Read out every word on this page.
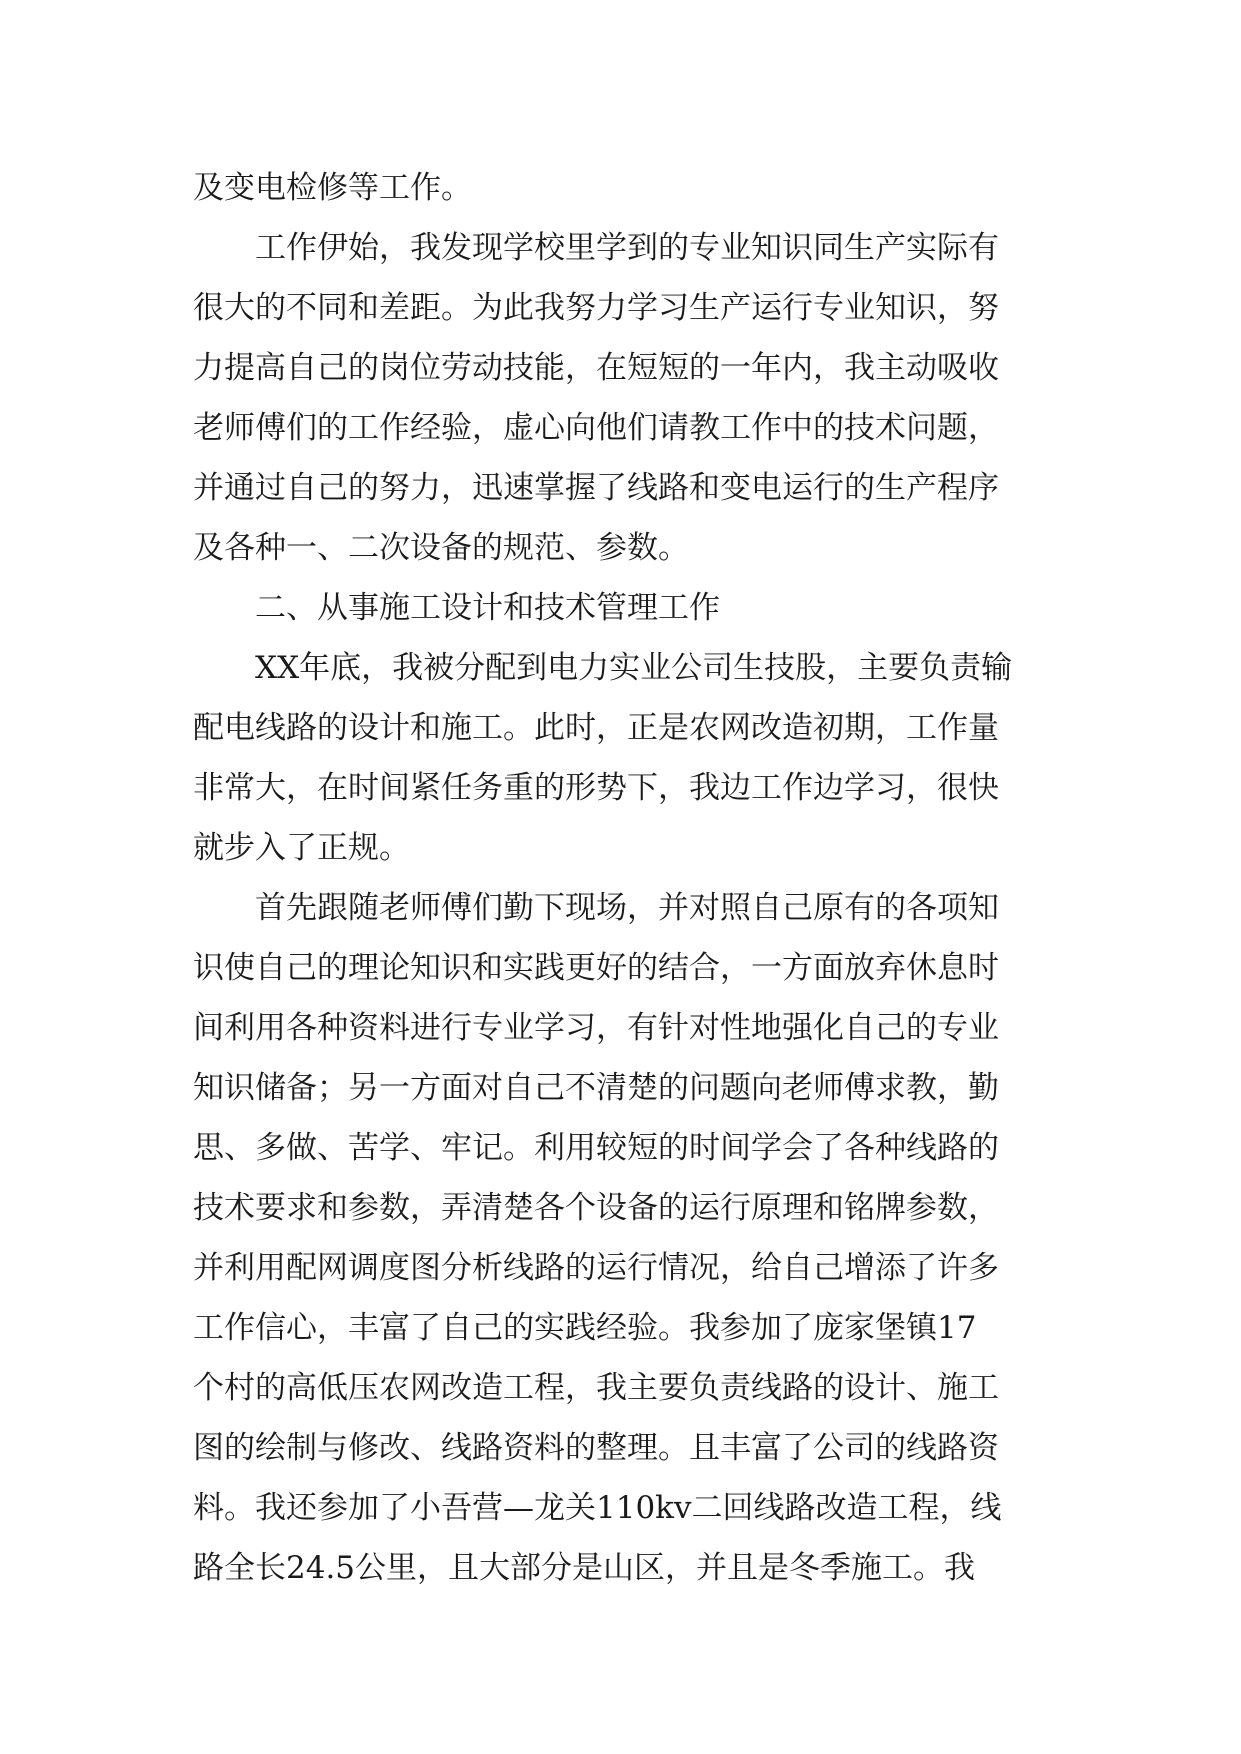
及变电检修等工作。
工作伊始，我发现学校里学到的专业知识同生产实际有
很大的不同和差距。为此我努力学习生产运行专业知识，努
力提高自己的岗位劳动技能，在短短的一年内，我主动吸收
老师傅们的工作经验，虚心向他们请教工作中的技术问题，
并通过自己的努力，迅速掌握了线路和变电运行的生产程序
及各种一、二次设备的规范、参数。
二、从事施工设计和技术管理工作
XX年底，我被分配到电力实业公司生技股，主要负责输
配电线路的设计和施工。此时，正是农网改造初期，工作量
非常大，在时间紧任务重的形势下，我边工作边学习，很快
就步入了正规。
首先跟随老师傅们勤下现场，并对照自己原有的各项知
识使自己的理论知识和实践更好的结合，一方面放弃休息时
间利用各种资料进行专业学习，有针对性地强化自己的专业
知识储备；另一方面对自己不清楚的问题向老师傅求教，勤
思、多做、苦学、牢记。利用较短的时间学会了各种线路的
技术要求和参数，弄清楚各个设备的运行原理和铭牌参数，
并利用配网调度图分析线路的运行情况，给自己增添了许多
工作信心，丰富了自己的实践经验。我参加了庞家堡镇17
个村的高低压农网改造工程，我主要负责线路的设计、施工
图的绘制与修改、线路资料的整理。且丰富了公司的线路资
料。我还参加了小吾营—龙关110kv二回线路改造工程，线
路全长24.5公里，且大部分是山区，并且是冬季施工。我
